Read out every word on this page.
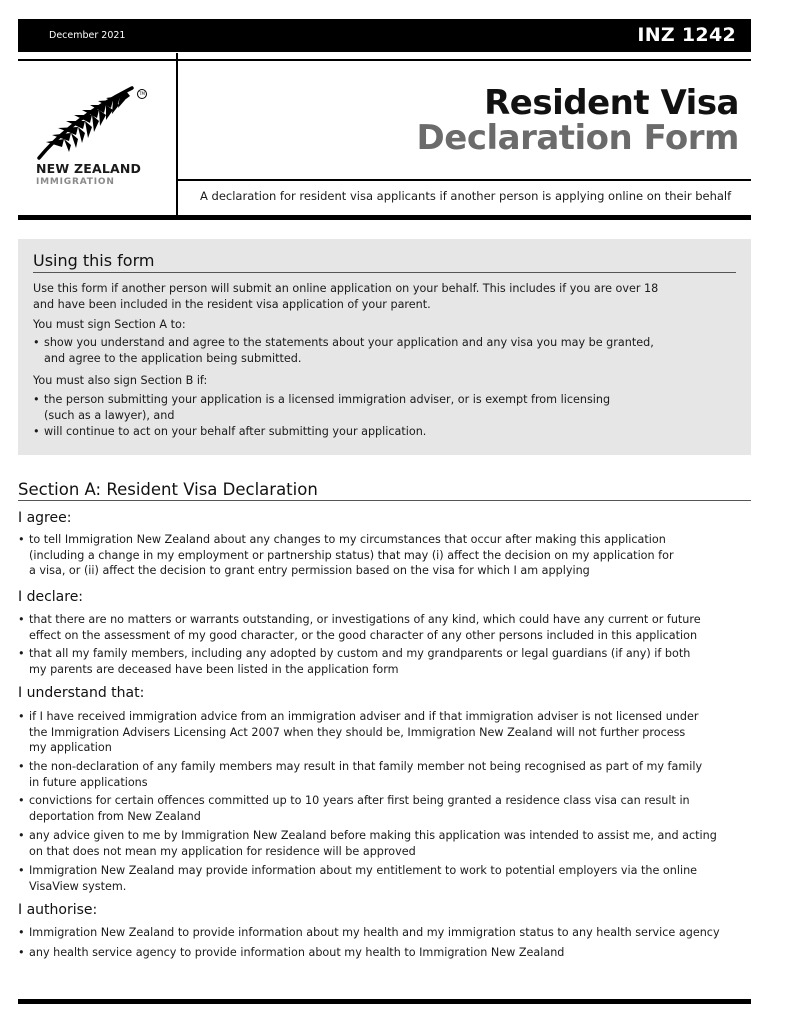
December 2021	INZ 1242
TM
NEW ZEALAND
IMMIGRATION
Resident Visa
Declaration Form
A declaration for resident visa applicants if another person is applying online on their behalf
Using this form
Use this form if another person will submit an online application on your behalf. This includes if you are over 18
and have been included in the resident visa application of your parent.
You must sign Section A to:
• show you understand and agree to the statements about your application and any visa you may be granted,
and agree to the application being submitted.
You must also sign Section B if:
• the person submitting your application is a licensed immigration adviser, or is exempt from licensing
(such as a lawyer), and
• will continue to act on your behalf after submitting your application.
Section A: Resident Visa Declaration
I agree:
• to tell Immigration New Zealand about any changes to my circumstances that occur after making this application
(including a change in my employment or partnership status) that may (i) affect the decision on my application for
a visa, or (ii) affect the decision to grant entry permission based on the visa for which I am applying
I declare:
• that there are no matters or warrants outstanding, or investigations of any kind, which could have any current or future
effect on the assessment of my good character, or the good character of any other persons included in this application
• that all my family members, including any adopted by custom and my grandparents or legal guardians (if any) if both
my parents are deceased have been listed in the application form
I understand that:
• if I have received immigration advice from an immigration adviser and if that immigration adviser is not licensed under
the Immigration Advisers Licensing Act 2007 when they should be, Immigration New Zealand will not further process
my application
• the non-declaration of any family members may result in that family member not being recognised as part of my family
in future applications
• convictions for certain offences committed up to 10 years after first being granted a residence class visa can result in
deportation from New Zealand
• any advice given to me by Immigration New Zealand before making this application was intended to assist me, and acting
on that does not mean my application for residence will be approved
• Immigration New Zealand may provide information about my entitlement to work to potential employers via the online
VisaView system.
I authorise:
• Immigration New Zealand to provide information about my health and my immigration status to any health service agency
• any health service agency to provide information about my health to Immigration New Zealand
